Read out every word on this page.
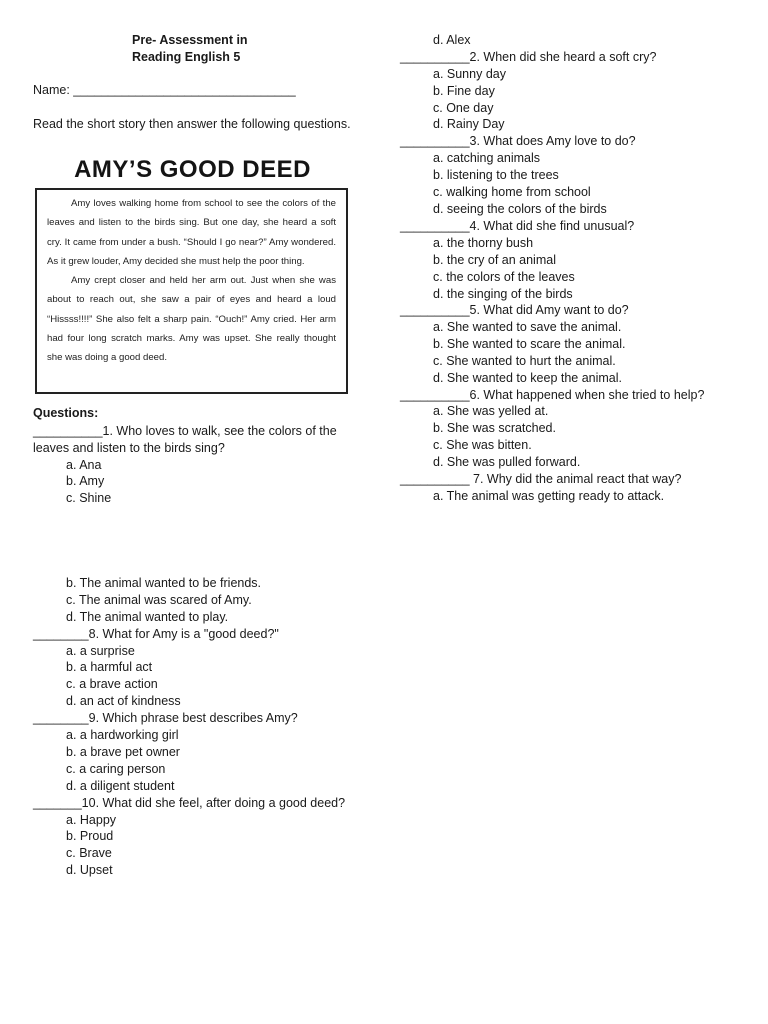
Pre- Assessment in
Reading English 5
Name: ________________________________
Read the short story then answer the following questions.
AMY’S GOOD DEED

Amy loves walking home from school to see the colors of the leaves and listen to the birds sing. But one day, she heard a soft cry. It came from under a bush. “Should I go near?” Amy wondered. As it grew louder, Amy decided she must help the poor thing.

Amy crept closer and held her arm out. Just when she was about to reach out, she saw a pair of eyes and heard a loud “Hissss!!!!” She also felt a sharp pain. “Ouch!” Amy cried. Her arm had four long scratch marks. Amy was upset. She really thought she was doing a good deed.

Questions:
__________1. Who loves to walk, see the colors of the
leaves and listen to the birds sing?
a. Ana
b. Amy
c. Shine
b. The animal wanted to be friends.
c. The animal was scared of Amy.
d. The animal wanted to play.
________8. What for Amy is a "good deed?"
a. a surprise
b. a harmful act
c. a brave action
d. an act of kindness
________9. Which phrase best describes Amy?
a. a hardworking girl
b. a brave pet owner
c. a caring person
d. a diligent student
_______10. What did she feel, after doing a good deed?
a. Happy
b. Proud
c. Brave
d. Upset
d. Alex
__________2. When did she heard a soft cry?
a. Sunny day
b. Fine day
c. One day
d. Rainy Day
__________3. What does Amy love to do?
a. catching animals
b. listening to the trees
c. walking home from school
d. seeing the colors of the birds
__________4. What did she find unusual?
a. the thorny bush
b. the cry of an animal
c. the colors of the leaves
d. the singing of the birds
__________5. What did Amy want to do?
a. She wanted to save the animal.
b. She wanted to scare the animal.
c. She wanted to hurt the animal.
d. She wanted to keep the animal.
__________6. What happened when she tried to help?
a. She was yelled at.
b. She was scratched.
c. She was bitten.
d. She was pulled forward.
__________ 7. Why did the animal react that way?
a. The animal was getting ready to attack.
